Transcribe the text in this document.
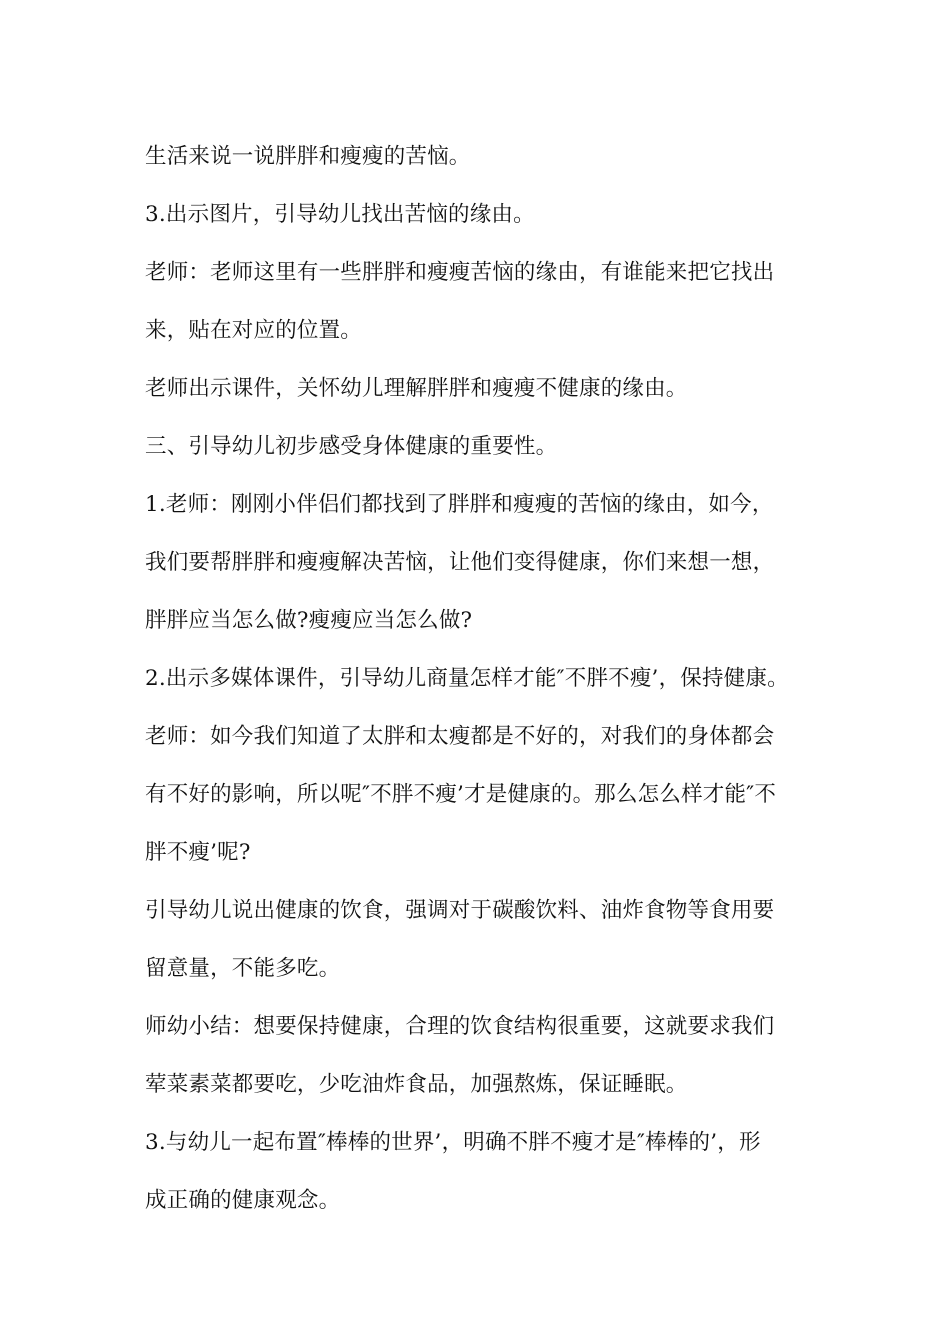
生活来说一说胖胖和瘦瘦的苦恼。
3.出示图片，引导幼儿找出苦恼的缘由。
老师：老师这里有一些胖胖和瘦瘦苦恼的缘由，有谁能来把它找出
来，贴在对应的位置。
老师出示课件，关怀幼儿理解胖胖和瘦瘦不健康的缘由。
三、引导幼儿初步感受身体健康的重要性。
1.老师：刚刚小伴侣们都找到了胖胖和瘦瘦的苦恼的缘由，如今，
我们要帮胖胖和瘦瘦解决苦恼，让他们变得健康，你们来想一想，
胖胖应当怎么做?瘦瘦应当怎么做?
2.出示多媒体课件，引导幼儿商量怎样才能″不胖不瘦’，保持健康。
老师：如今我们知道了太胖和太瘦都是不好的，对我们的身体都会
有不好的影响，所以呢″不胖不瘦’才是健康的。那么怎么样才能″不
胖不瘦’呢?
引导幼儿说出健康的饮食，强调对于碳酸饮料、油炸食物等食用要
留意量，不能多吃。
师幼小结：想要保持健康，合理的饮食结构很重要，这就要求我们
荤菜素菜都要吃，少吃油炸食品，加强熬炼，保证睡眠。
3.与幼儿一起布置″棒棒的世界’，明确不胖不瘦才是″棒棒的’，形
成正确的健康观念。
